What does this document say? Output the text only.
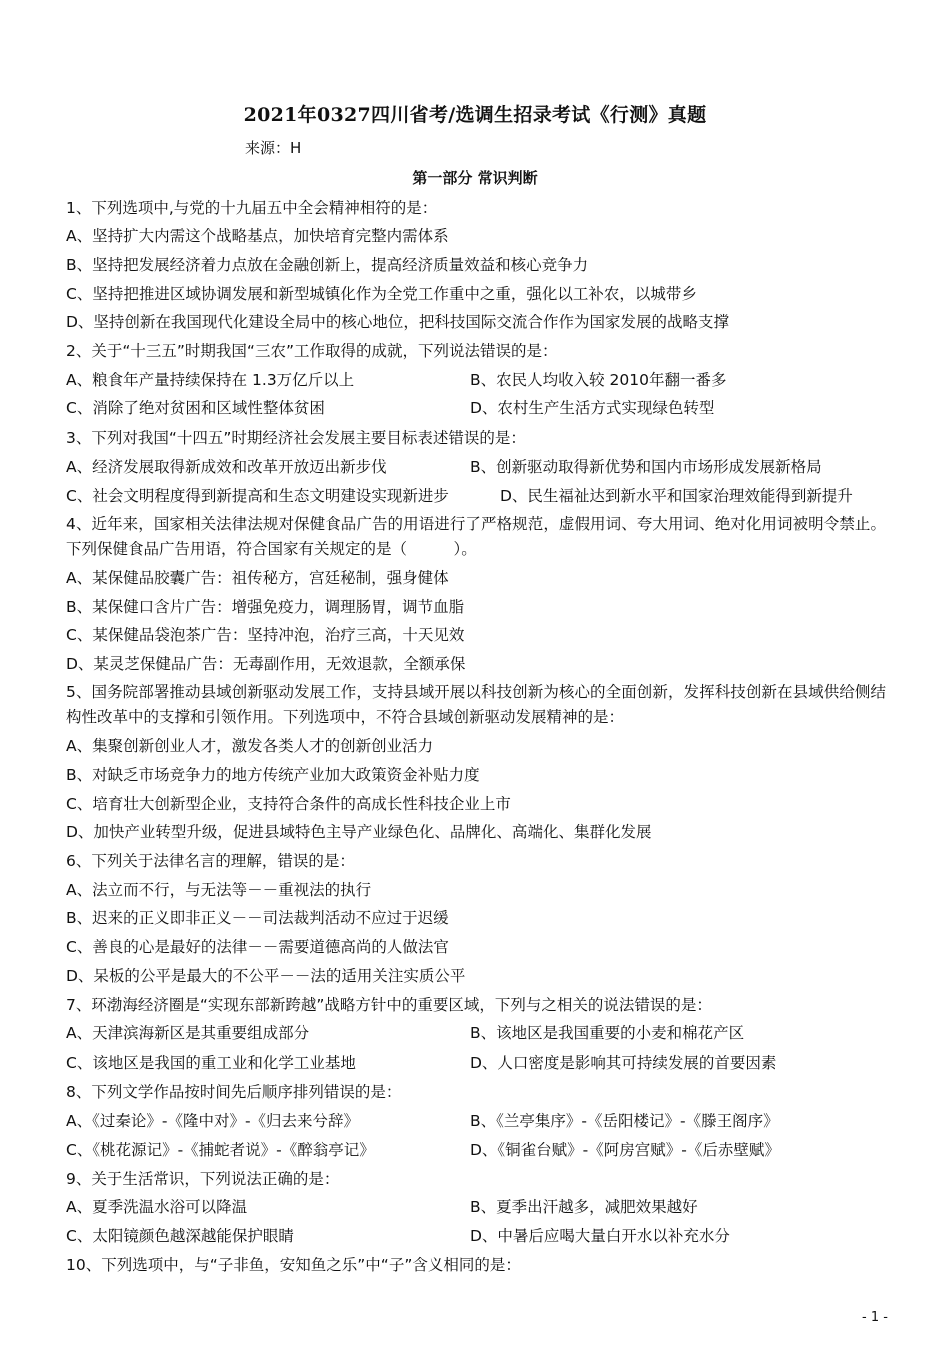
2021年0327四川省考/选调生招录考试《行测》真题
来源：H
第一部分 常识判断
1、下列选项中,与党的十九届五中全会精神相符的是：
A、坚持扩大内需这个战略基点，加快培育完整内需体系
B、坚持把发展经济着力点放在金融创新上，提高经济质量效益和核心竞争力
C、坚持把推进区域协调发展和新型城镇化作为全党工作重中之重，强化以工补农，以城带乡
D、坚持创新在我国现代化建设全局中的核心地位，把科技国际交流合作作为国家发展的战略支撑
2、关于“十三五”时期我国“三农”工作取得的成就，下列说法错误的是：
A、粮食年产量持续保持在 1.3万亿斤以上	B、农民人均收入较 2010年翻一番多
C、消除了绝对贫困和区域性整体贫困	D、农村生产生活方式实现绿色转型
3、下列对我国“十四五”时期经济社会发展主要目标表述错误的是：
A、经济发展取得新成效和改革开放迈出新步伐	B、创新驱动取得新优势和国内市场形成发展新格局
C、社会文明程度得到新提高和生态文明建设实现新进步	D、民生福祉达到新水平和国家治理效能得到新提升
4、近年来，国家相关法律法规对保健食品广告的用语进行了严格规范，虚假用词、夸大用词、绝对化用词被明令禁止。下列保健食品广告用语，符合国家有关规定的是（　　　）。
A、某保健品胶囊广告：祖传秘方，宫廷秘制，强身健体
B、某保健口含片广告：增强免疫力，调理肠胃，调节血脂
C、某保健品袋泡茶广告：坚持冲泡，治疗三高，十天见效
D、某灵芝保健品广告：无毒副作用，无效退款，全额承保
5、国务院部署推动县域创新驱动发展工作，支持县域开展以科技创新为核心的全面创新，发挥科技创新在县域供给侧结构性改革中的支撑和引领作用。下列选项中，不符合县域创新驱动发展精神的是：
A、集聚创新创业人才，激发各类人才的创新创业活力
B、对缺乏市场竞争力的地方传统产业加大政策资金补贴力度
C、培育壮大创新型企业，支持符合条件的高成长性科技企业上市
D、加快产业转型升级，促进县域特色主导产业绿色化、品牌化、高端化、集群化发展
6、下列关于法律名言的理解，错误的是：
A、法立而不行，与无法等－－重视法的执行
B、迟来的正义即非正义－－司法裁判活动不应过于迟缓
C、善良的心是最好的法律－－需要道德高尚的人做法官
D、呆板的公平是最大的不公平－－法的适用关注实质公平
7、环渤海经济圈是“实现东部新跨越”战略方针中的重要区域，下列与之相关的说法错误的是：
A、天津滨海新区是其重要组成部分	B、该地区是我国重要的小麦和棉花产区
C、该地区是我国的重工业和化学工业基地	D、人口密度是影响其可持续发展的首要因素
8、下列文学作品按时间先后顺序排列错误的是：
A、《过秦论》-《隆中对》-《归去来兮辞》	B、《兰亭集序》-《岳阳楼记》-《滕王阁序》
C、《桃花源记》-《捕蛇者说》-《醉翁亭记》	D、《铜雀台赋》-《阿房宫赋》-《后赤壁赋》
9、关于生活常识，下列说法正确的是：
A、夏季洗温水浴可以降温	B、夏季出汗越多，减肥效果越好
C、太阳镜颜色越深越能保护眼睛	D、中暑后应喝大量白开水以补充水分
10、下列选项中，与“子非鱼，安知鱼之乐”中“子”含义相同的是：
- 1 -
